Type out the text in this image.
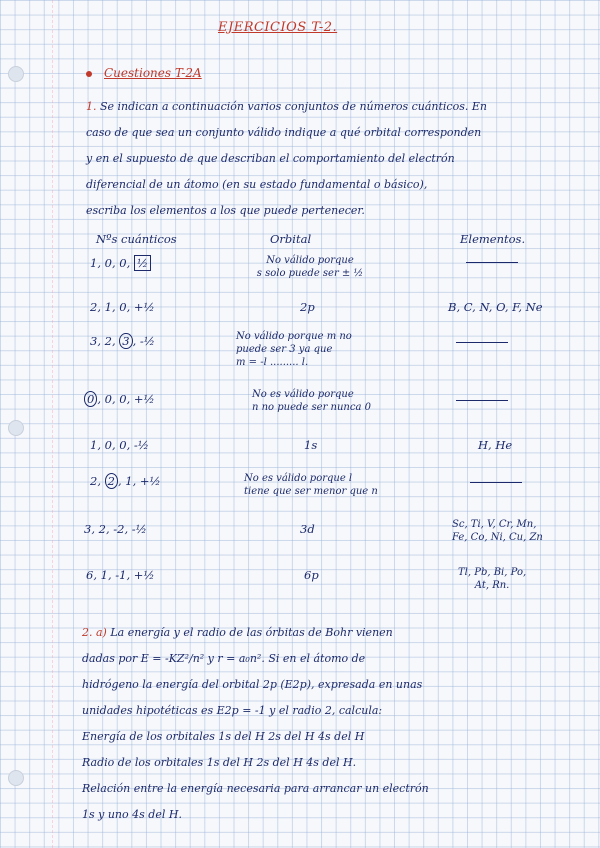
EJERCICIOS T-2.
Cuestiones T-2A
1. Se indican a continuación varios conjuntos de números cuánticos. En
caso de que sea un conjunto válido indique a qué orbital corresponden
y en el supuesto de que describan el comportamiento del electrón
diferencial de un átomo (en su estado fundamental o básico),
escriba los elementos a los que puede pertenecer.
Nºs cuánticos	Orbital	Elementos.
1, 0, 0, ½	No válido porque
s solo puede ser ± ½
2, 1, 0, +½	2p	B, C, N, O, F, Ne
3, 2, 3 , -½	No válido porque m no
puede ser 3 ya que
m = -l ......... l.
0 , 0, 0, +½	No es válido porque
n no puede ser nunca 0
1, 0, 0, -½	1s	H, He
2, 2 , 1, +½	No es válido porque l
tiene que ser menor que n
3, 2, -2, -½	3d	Sc, Ti, V, Cr, Mn,
Fe, Co, Ni, Cu, Zn
6, 1, -1, +½	6p	Tl, Pb, Bi, Po,
At, Rn.
2. a) La energía y el radio de las órbitas de Bohr vienen
dadas por E = -KZ²/n² y r = a₀n². Si en el átomo de
hidrógeno la energía del orbital 2p (E2p), expresada en unas
unidades hipotéticas es E2p = -1 y el radio 2, calcula:
Energía de los orbitales 1s del H 2s del H 4s del H
Radio de los orbitales 1s del H 2s del H 4s del H.
Relación entre la energía necesaria para arrancar un electrón
1s y uno 4s del H.
